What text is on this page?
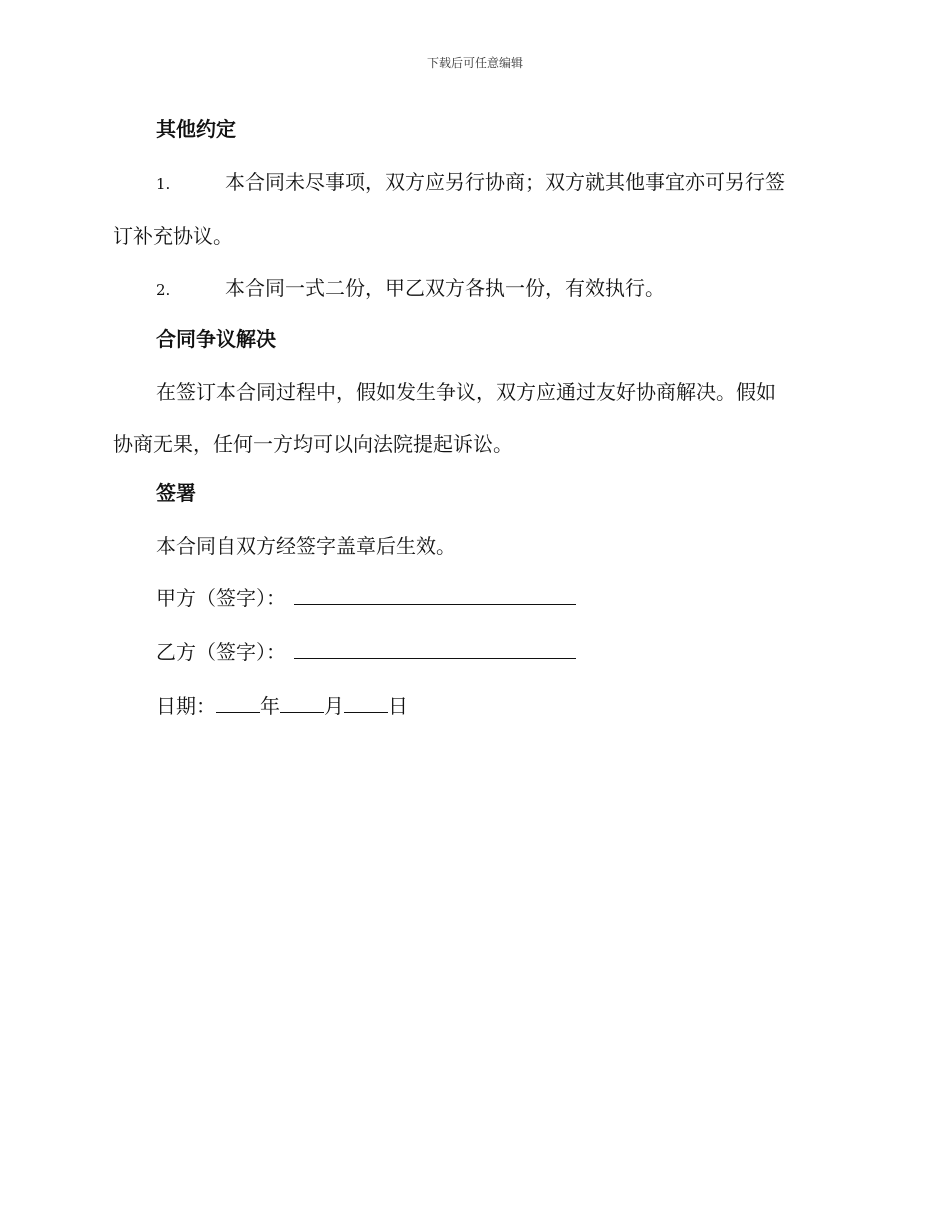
下载后可任意编辑
其他约定

1.	本合同未尽事项，双方应另行协商；双方就其他事宜亦可另行签

订补充协议。

2.	本合同一式二份，甲乙双方各执一份，有效执行。

合同争议解决

在签订本合同过程中，假如发生争议，双方应通过友好协商解决。假如

协商无果，任何一方均可以向法院提起诉讼。

签署

本合同自双方经签字盖章后生效。

甲方（签字）：
乙方（签字）：
日期： 年 月 日
